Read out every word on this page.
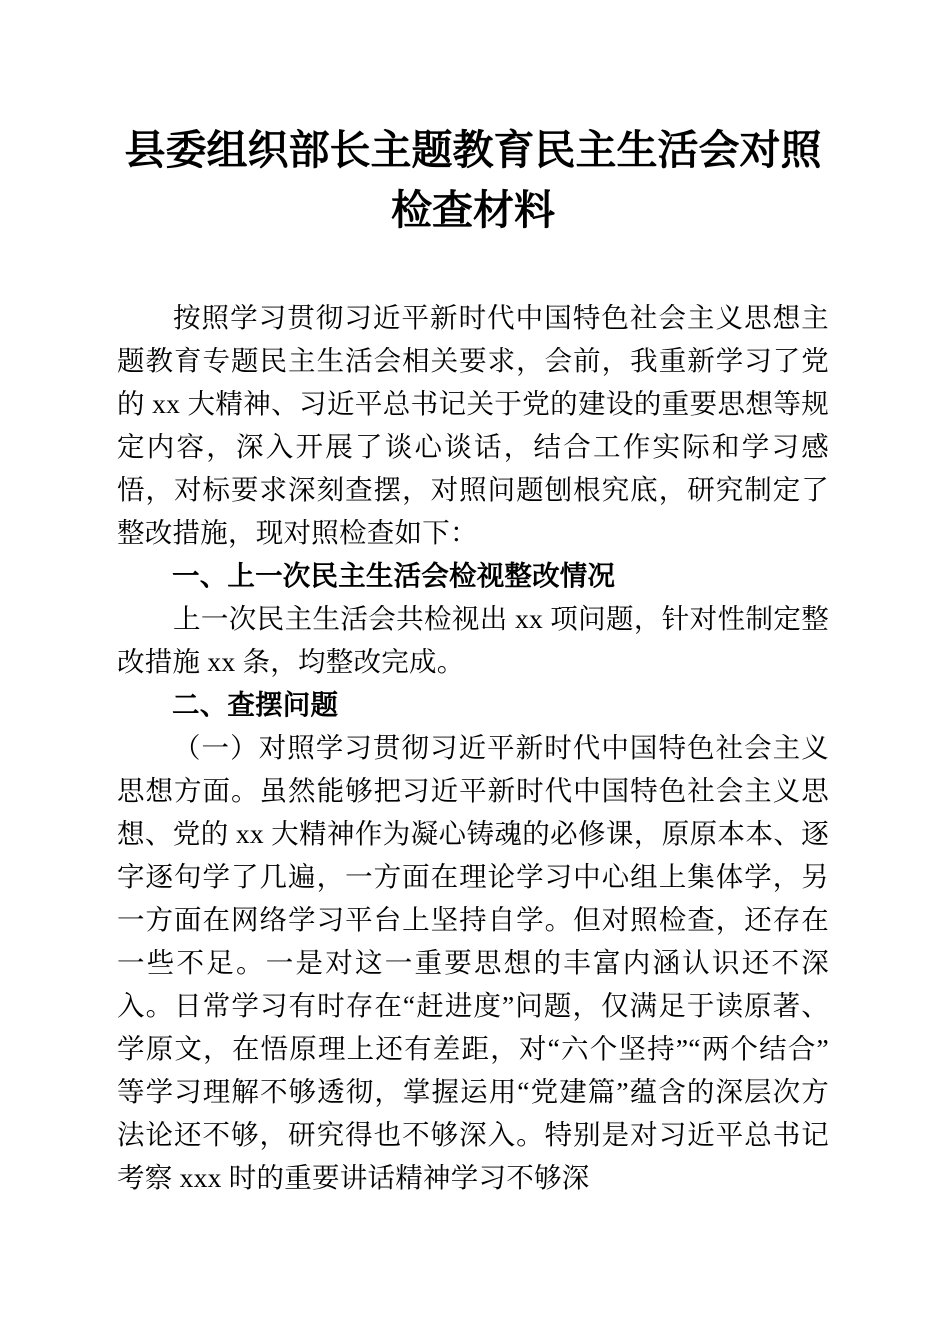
县委组织部长主题教育民主生活会对照检查材料

按照学习贯彻习近平新时代中国特色社会主义思想主题教育专题民主生活会相关要求，会前，我重新学习了党的 xx 大精神、习近平总书记关于党的建设的重要思想等规定内容，深入开展了谈心谈话，结合工作实际和学习感悟，对标要求深刻查摆，对照问题刨根究底，研究制定了整改措施，现对照检查如下：

一、上一次民主生活会检视整改情况

上一次民主生活会共检视出 xx 项问题，针对性制定整改措施 xx 条，均整改完成。

二、查摆问题

（一）对照学习贯彻习近平新时代中国特色社会主义思想方面。虽然能够把习近平新时代中国特色社会主义思想、党的 xx 大精神作为凝心铸魂的必修课，原原本本、逐字逐句学了几遍，一方面在理论学习中心组上集体学，另一方面在网络学习平台上坚持自学。但对照检查，还存在一些不足。一是对这一重要思想的丰富内涵认识还不深入。日常学习有时存在“赶进度”问题，仅满足于读原著、学原文，在悟原理上还有差距，对“六个坚持”“两个结合”等学习理解不够透彻，掌握运用“党建篇”蕴含的深层次方法论还不够，研究得也不够深入。特别是对习近平总书记考察 xxx 时的重要讲话精神学习不够深
